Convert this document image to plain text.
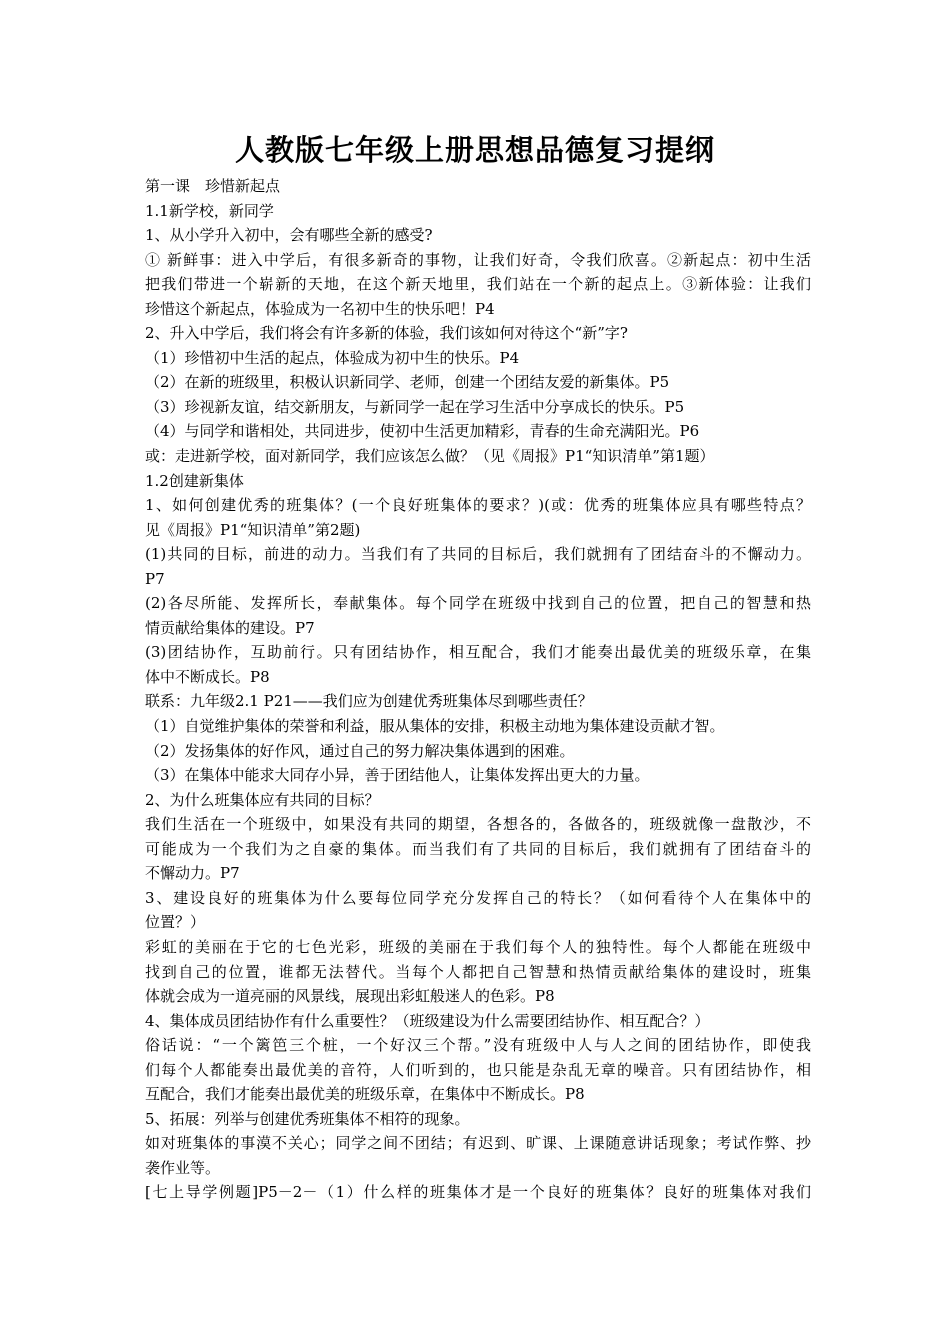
人教版七年级上册思想品德复习提纲
第一课　珍惜新起点
1.1新学校，新同学
1、从小学升入初中，会有哪些全新的感受?
① 新鲜事：进入中学后，有很多新奇的事物，让我们好奇，令我们欣喜。②新起点：初中生活
把我们带进一个崭新的天地，在这个新天地里，我们站在一个新的起点上。③新体验：让我们
珍惜这个新起点，体验成为一名初中生的快乐吧！P4
2、升入中学后，我们将会有许多新的体验，我们该如何对待这个“新”字?
（1）珍惜初中生活的起点，体验成为初中生的快乐。P4
（2）在新的班级里，积极认识新同学、老师，创建一个团结友爱的新集体。P5
（3）珍视新友谊，结交新朋友，与新同学一起在学习生活中分享成长的快乐。P5
（4）与同学和谐相处，共同进步，使初中生活更加精彩，青春的生命充满阳光。P6
或：走进新学校，面对新同学，我们应该怎么做？（见《周报》P1“知识清单”第1题）
1.2创建新集体
1、如何创建优秀的班集体？(一个良好班集体的要求？)(或：优秀的班集体应具有哪些特点？
见《周报》P1“知识清单”第2题)
(1)共同的目标，前进的动力。当我们有了共同的目标后，我们就拥有了团结奋斗的不懈动力。
P7
(2)各尽所能、发挥所长，奉献集体。每个同学在班级中找到自己的位置，把自己的智慧和热
情贡献给集体的建设。P7
(3)团结协作，互助前行。只有团结协作，相互配合，我们才能奏出最优美的班级乐章，在集
体中不断成长。P8
联系：九年级2.1 P21——我们应为创建优秀班集体尽到哪些责任？
（1）自觉维护集体的荣誉和利益，服从集体的安排，积极主动地为集体建设贡献才智。
（2）发扬集体的好作风，通过自己的努力解决集体遇到的困难。
（3）在集体中能求大同存小异，善于团结他人，让集体发挥出更大的力量。
2、为什么班集体应有共同的目标？
我们生活在一个班级中，如果没有共同的期望，各想各的，各做各的，班级就像一盘散沙，不
可能成为一个我们为之自豪的集体。而当我们有了共同的目标后，我们就拥有了团结奋斗的
不懈动力。P7
3、建设良好的班集体为什么要每位同学充分发挥自己的特长？（如何看待个人在集体中的
位置？）
彩虹的美丽在于它的七色光彩，班级的美丽在于我们每个人的独特性。每个人都能在班级中
找到自己的位置，谁都无法替代。当每个人都把自己智慧和热情贡献给集体的建设时，班集
体就会成为一道亮丽的风景线，展现出彩虹般迷人的色彩。P8
4、集体成员团结协作有什么重要性？（班级建设为什么需要团结协作、相互配合？）
俗话说：“一个篱笆三个桩，一个好汉三个帮。”没有班级中人与人之间的团结协作，即使我
们每个人都能奏出最优美的音符，人们听到的，也只能是杂乱无章的噪音。只有团结协作，相
互配合，我们才能奏出最优美的班级乐章，在集体中不断成长。P8
5、拓展：列举与创建优秀班集体不相符的现象。
如对班集体的事漠不关心；同学之间不团结；有迟到、旷课、上课随意讲话现象；考试作弊、抄
袭作业等。
[七上导学例题]P5－2－（1）什么样的班集体才是一个良好的班集体？良好的班集体对我们
